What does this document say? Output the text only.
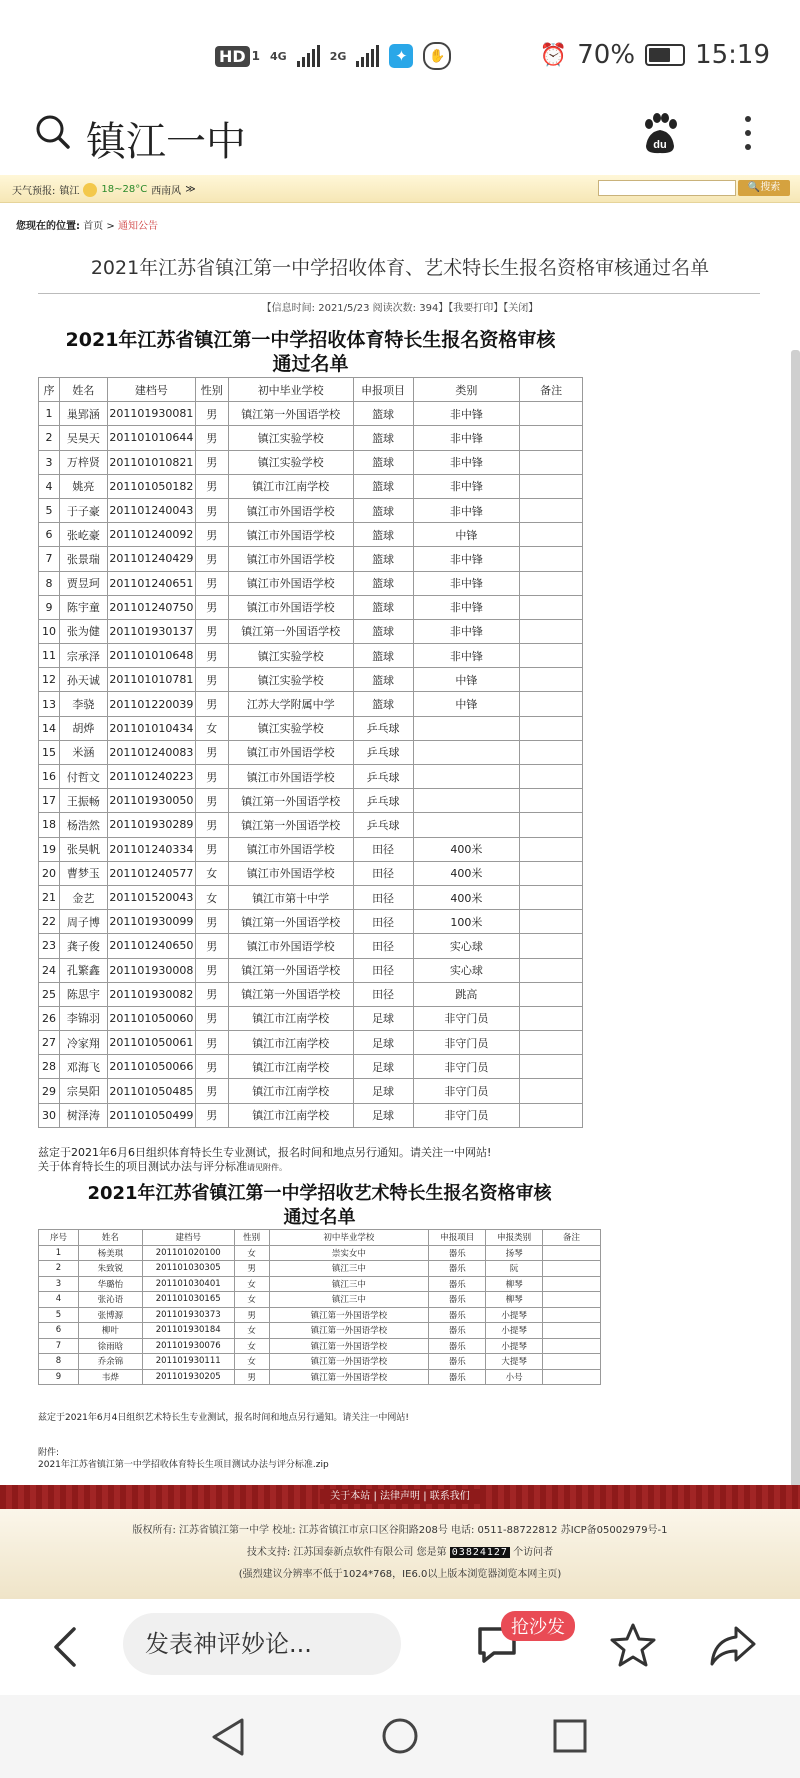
HD 1 4G	2G	✦	✋	⏰ 70% 15:19
镇江一中	du
天气预报: 镇江 18~28°C 西南风 ≫	🔍搜索
您现在的位置: 首页 > 通知公告
2021年江苏省镇江第一中学招收体育、艺术特长生报名资格审核通过名单
【信息时间: 2021/5/23 阅读次数: 394】【我要打印】【关闭】
2021年江苏省镇江第一中学招收体育特长生报名资格审核
通过名单
序	姓名	建档号	性别	初中毕业学校	申报项目	类别	备注
1	巢郢涵	201101930081	男	镇江第一外国语学校	篮球	非中锋	
2	吴昊天	201101010644	男	镇江实验学校	篮球	非中锋	
3	万梓贤	201101010821	男	镇江实验学校	篮球	非中锋	
4	姚亮	201101050182	男	镇江市江南学校	篮球	非中锋	
5	于子豪	201101240043	男	镇江市外国语学校	篮球	非中锋	
6	张屹豪	201101240092	男	镇江市外国语学校	篮球	中锋	
7	张景瑞	201101240429	男	镇江市外国语学校	篮球	非中锋	
8	贾昱珂	201101240651	男	镇江市外国语学校	篮球	非中锋	
9	陈宇童	201101240750	男	镇江市外国语学校	篮球	非中锋	
10	张为健	201101930137	男	镇江第一外国语学校	篮球	非中锋	
11	宗承泽	201101010648	男	镇江实验学校	篮球	非中锋	
12	孙天诚	201101010781	男	镇江实验学校	篮球	中锋	
13	李骁	201101220039	男	江苏大学附属中学	篮球	中锋	
14	胡烨	201101010434	女	镇江实验学校	乒乓球		
15	米涵	201101240083	男	镇江市外国语学校	乒乓球		
16	付哲文	201101240223	男	镇江市外国语学校	乒乓球		
17	王振畅	201101930050	男	镇江第一外国语学校	乒乓球		
18	杨浩然	201101930289	男	镇江第一外国语学校	乒乓球		
19	张昊帆	201101240334	男	镇江市外国语学校	田径	400米	
20	曹梦玉	201101240577	女	镇江市外国语学校	田径	400米	
21	金艺	201101520043	女	镇江市第十中学	田径	400米	
22	周子博	201101930099	男	镇江第一外国语学校	田径	100米	
23	龚子俊	201101240650	男	镇江市外国语学校	田径	实心球	
24	孔繁鑫	201101930008	男	镇江第一外国语学校	田径	实心球	
25	陈思宇	201101930082	男	镇江第一外国语学校	田径	跳高	
26	李锦羽	201101050060	男	镇江市江南学校	足球	非守门员	
27	冷家翔	201101050061	男	镇江市江南学校	足球	非守门员	
28	邓海飞	201101050066	男	镇江市江南学校	足球	非守门员	
29	宗昊阳	201101050485	男	镇江市江南学校	足球	非守门员	
30	树泽涛	201101050499	男	镇江市江南学校	足球	非守门员	
兹定于2021年6月6日组织体育特长生专业测试，报名时间和地点另行通知。请关注一中网站!
关于体育特长生的项目测试办法与评分标准请见附件。
2021年江苏省镇江第一中学招收艺术特长生报名资格审核
通过名单
序号	姓名	建档号	性别	初中毕业学校	申报项目	申报类别	备注
1	杨美琪	201101020100	女	崇实女中	器乐	扬琴	
2	朱致锐	201101030305	男	镇江三中	器乐	阮	
3	华璐怡	201101030401	女	镇江三中	器乐	柳琴	
4	张沁语	201101030165	女	镇江三中	器乐	柳琴	
5	张博源	201101930373	男	镇江第一外国语学校	器乐	小提琴	
6	柳叶	201101930184	女	镇江第一外国语学校	器乐	小提琴	
7	徐雨晗	201101930076	女	镇江第一外国语学校	器乐	小提琴	
8	乔余锦	201101930111	女	镇江第一外国语学校	器乐	大提琴	
9	韦烨	201101930205	男	镇江第一外国语学校	器乐	小号	
兹定于2021年6月4日组织艺术特长生专业测试，报名时间和地点另行通知。请关注一中网站!
附件:
2021年江苏省镇江第一中学招收体育特长生项目测试办法与评分标准.zip
关于本站 | 法律声明 | 联系我们
版权所有: 江苏省镇江第一中学 校址: 江苏省镇江市京口区谷阳路208号 电话: 0511-88722812 苏ICP备05002979号-1
技术支持: 江苏国泰新点软件有限公司 您是第 03824127 个访问者
(强烈建议分辨率不低于1024*768，IE6.0以上版本浏览器浏览本网主页)
发表神评妙论...
抢沙发
